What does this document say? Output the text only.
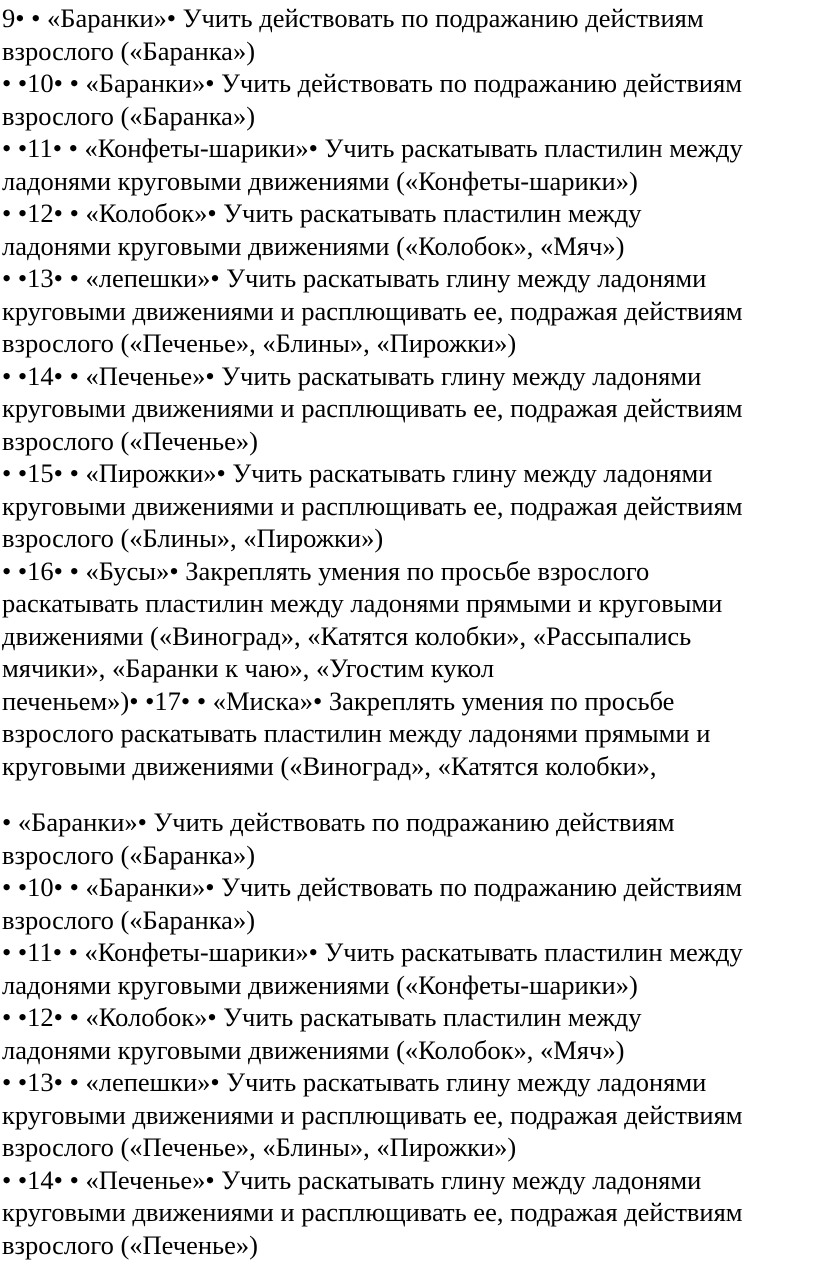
9• • «Баранки»• Учить действовать по подражанию действиям
взрослого («Баранка»)
• •10• • «Баранки»• Учить действовать по подражанию действиям
взрослого («Баранка»)
• •11• • «Конфеты-шарики»• Учить раскатывать пластилин между
ладонями круговыми движениями («Конфеты-шарики»)
• •12• • «Колобок»• Учить раскатывать пластилин между
ладонями круговыми движениями («Колобок», «Мяч»)
• •13• • «лепешки»• Учить раскатывать глину между ладонями
круговыми движениями и расплющивать ее, подражая действиям
взрослого («Печенье», «Блины», «Пирожки»)
• •14• • «Печенье»• Учить раскатывать глину между ладонями
круговыми движениями и расплющивать ее, подражая действиям
взрослого («Печенье»)
• •15• • «Пирожки»• Учить раскатывать глину между ладонями
круговыми движениями и расплющивать ее, подражая действиям
взрослого («Блины», «Пирожки»)
• •16• • «Бусы»• Закреплять умения по просьбе взрослого
раскатывать пластилин между ладонями прямыми и круговыми
движениями («Виноград», «Катятся колобки», «Рассыпались
мячики», «Баранки к чаю», «Угостим кукол
печеньем»)• •17• • «Миска»• Закреплять умения по просьбе
взрослого раскатывать пластилин между ладонями прямыми и
круговыми движениями («Виноград», «Катятся колобки»,
• «Баранки»• Учить действовать по подражанию действиям
взрослого («Баранка»)
• •10• • «Баранки»• Учить действовать по подражанию действиям
взрослого («Баранка»)
• •11• • «Конфеты-шарики»• Учить раскатывать пластилин между
ладонями круговыми движениями («Конфеты-шарики»)
• •12• • «Колобок»• Учить раскатывать пластилин между
ладонями круговыми движениями («Колобок», «Мяч»)
• •13• • «лепешки»• Учить раскатывать глину между ладонями
круговыми движениями и расплющивать ее, подражая действиям
взрослого («Печенье», «Блины», «Пирожки»)
• •14• • «Печенье»• Учить раскатывать глину между ладонями
круговыми движениями и расплющивать ее, подражая действиям
взрослого («Печенье»)
